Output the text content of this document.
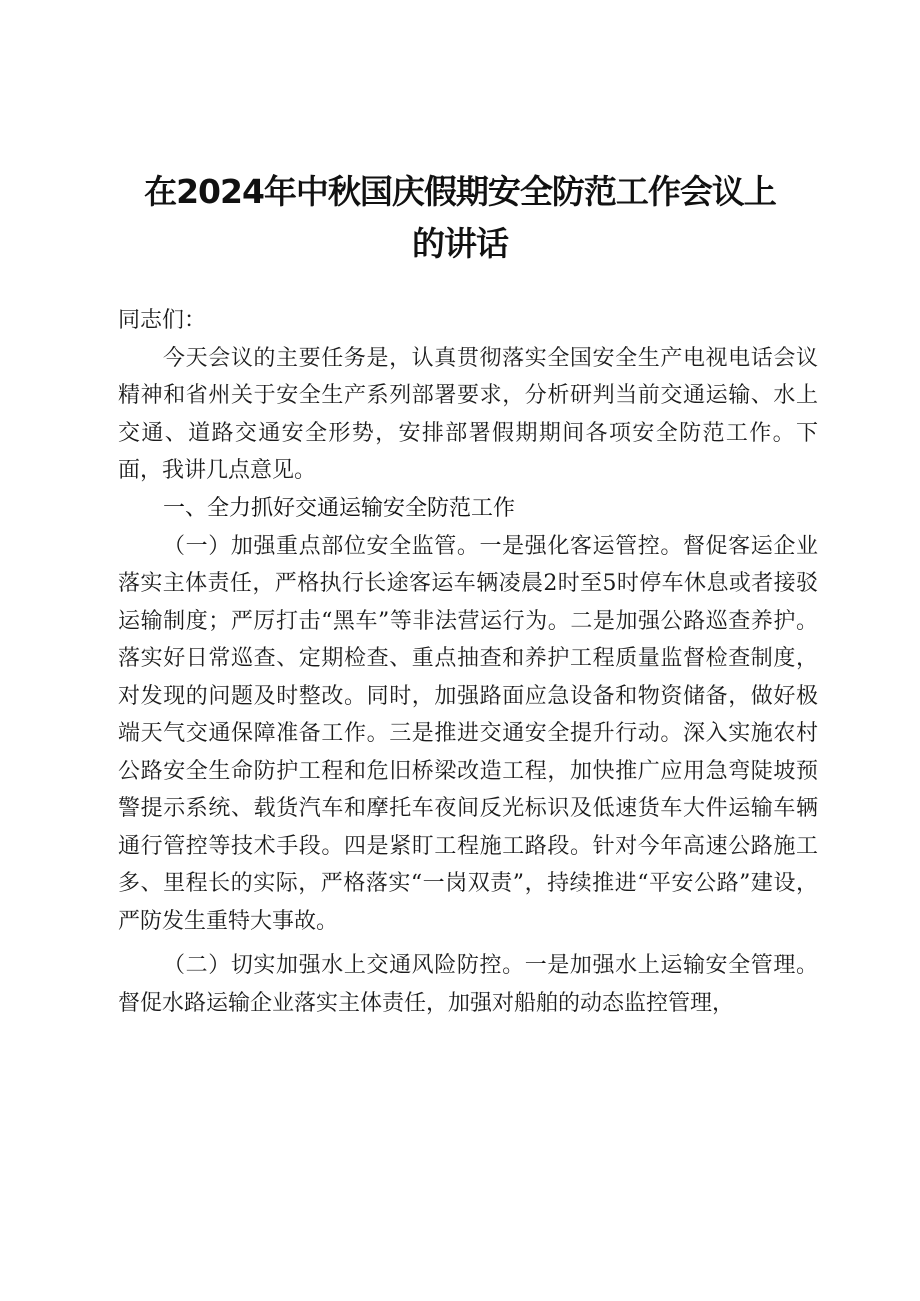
在2024年中秋国庆假期安全防范工作会议上
的讲话

同志们：

今天会议的主要任务是，认真贯彻落实全国安全生产电视电话会议精神和省州关于安全生产系列部署要求，分析研判当前交通运输、水上交通、道路交通安全形势，安排部署假期期间各项安全防范工作。下面，我讲几点意见。

一、全力抓好交通运输安全防范工作

（一）加强重点部位安全监管。一是强化客运管控。督促客运企业落实主体责任，严格执行长途客运车辆凌晨2时至5时停车休息或者接驳运输制度；严厉打击“黑车”等非法营运行为。二是加强公路巡查养护。落实好日常巡查、定期检查、重点抽查和养护工程质量监督检查制度，对发现的问题及时整改。同时，加强路面应急设备和物资储备，做好极端天气交通保障准备工作。三是推进交通安全提升行动。深入实施农村公路安全生命防护工程和危旧桥梁改造工程，加快推广应用急弯陡坡预警提示系统、载货汽车和摩托车夜间反光标识及低速货车大件运输车辆通行管控等技术手段。四是紧盯工程施工路段。针对今年高速公路施工多、里程长的实际，严格落实“一岗双责”，持续推进“平安公路”建设，严防发生重特大事故。

（二）切实加强水上交通风险防控。一是加强水上运输安全管理。督促水路运输企业落实主体责任，加强对船舶的动态监控管理，
